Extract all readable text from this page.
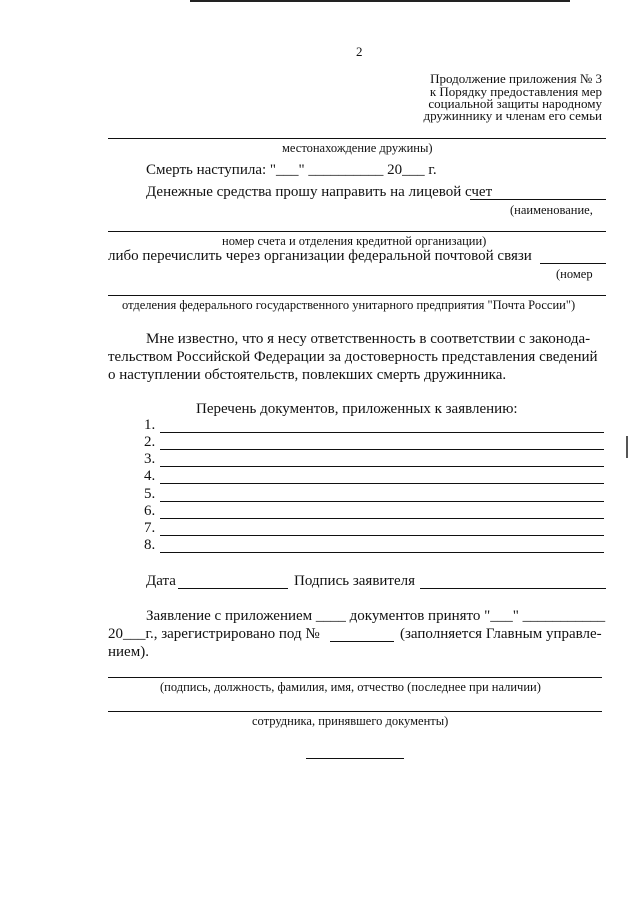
2
Продолжение приложения № 3
к Порядку предоставления мер
социальной защиты народному
дружиннику и членам его семьи
местонахождение дружины)
Смерть наступила: "___" __________ 20___ г.
Денежные средства прошу направить на лицевой счет
(наименование,
номер счета и отделения кредитной организации)
либо перечислить через организации федеральной почтовой связи
(номер
отделения федерального государственного унитарного предприятия "Почта России")
Мне известно, что я несу ответственность в соответствии с законода-
тельством Российской Федерации за достоверность представления сведений
о наступлении обстоятельств, повлекших смерть дружинника.
Перечень документов, приложенных к заявлению:
1.
2.
3.
4.
5.
6.
7.
8.
Дата	Подпись заявителя
Заявление с приложением ____ документов принято "___" ___________
20___г., зарегистрировано под №	(заполняется Главным управле-
нием).
(подпись, должность, фамилия, имя, отчество (последнее при наличии)
сотрудника, принявшего документы)
